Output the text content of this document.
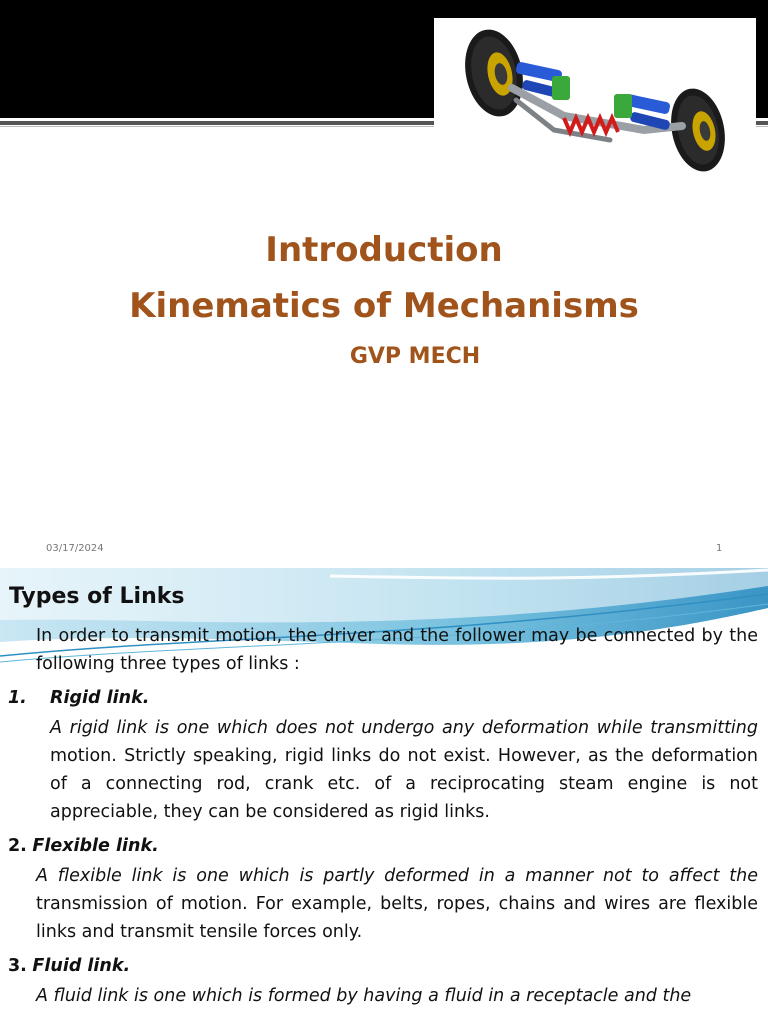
Introduction

Kinematics of Mechanisms

GVP MECH

03/17/2024	1
Types of Links

In order to transmit motion, the driver and the follower may be connected by the following three types of links :

1. Rigid link.

A rigid link is one which does not undergo any deformation while transmitting motion. Strictly speaking, rigid links do not exist. However, as the deformation of a connecting rod, crank etc. of a reciprocating steam engine is not appreciable, they can be considered as rigid links.

2. Flexible link.

A flexible link is one which is partly deformed in a manner not to affect the transmission of motion. For example, belts, ropes, chains and wires are flexible links and transmit tensile forces only.

3. Fluid link.

A fluid link is one which is formed by having a fluid in a receptacle and the
